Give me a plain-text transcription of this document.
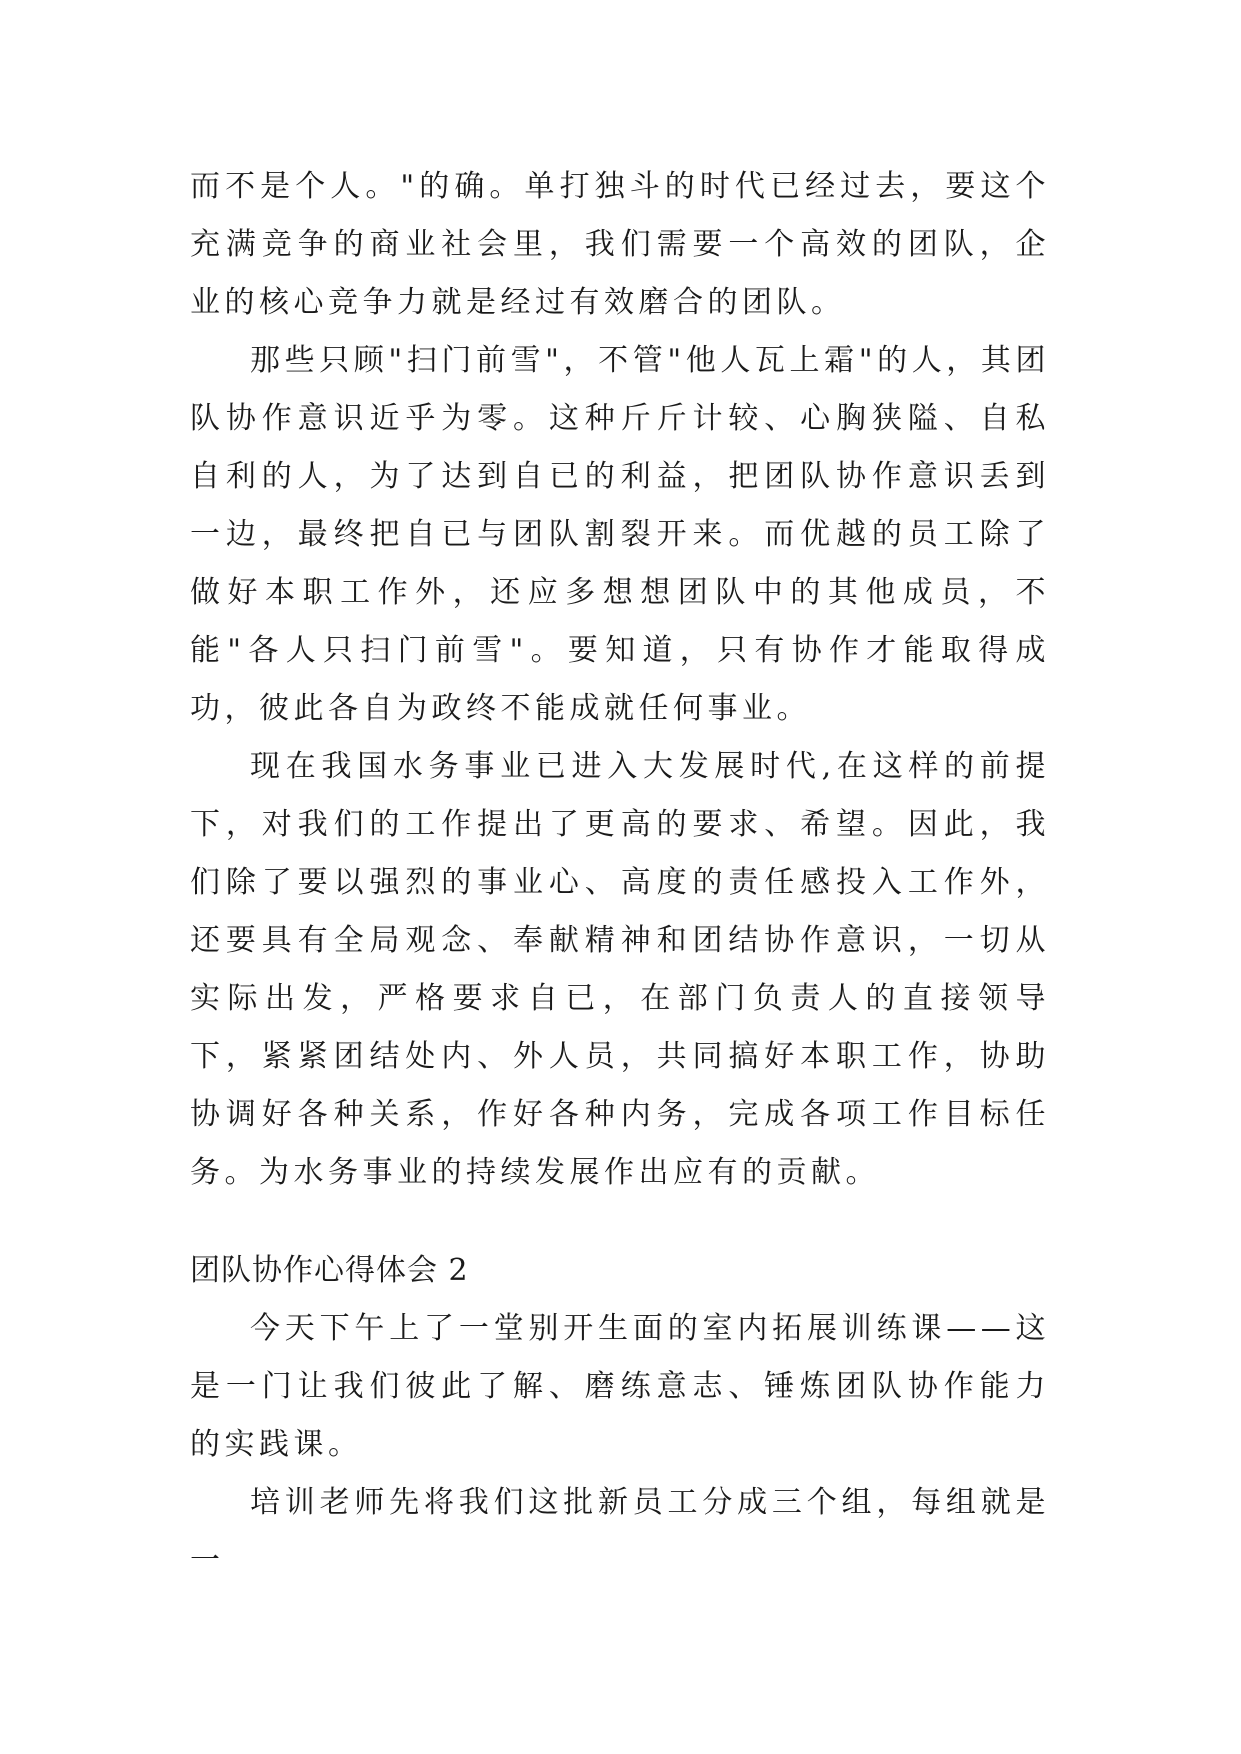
而不是个人。"的确。单打独斗的时代已经过去，要这个充满竞争的商业社会里，我们需要一个高效的团队，企业的核心竞争力就是经过有效磨合的团队。

那些只顾"扫门前雪"，不管"他人瓦上霜"的人，其团队协作意识近乎为零。这种斤斤计较、心胸狭隘、自私自利的人，为了达到自已的利益，把团队协作意识丢到一边，最终把自已与团队割裂开来。而优越的员工除了做好本职工作外，还应多想想团队中的其他成员，不能"各人只扫门前雪"。要知道，只有协作才能取得成功，彼此各自为政终不能成就任何事业。

现在我国水务事业已进入大发展时代,在这样的前提下，对我们的工作提出了更高的要求、希望。因此，我们除了要以强烈的事业心、高度的责任感投入工作外，还要具有全局观念、奉献精神和团结协作意识，一切从实际出发，严格要求自已，在部门负责人的直接领导下，紧紧团结处内、外人员，共同搞好本职工作，协助协调好各种关系，作好各种内务，完成各项工作目标任务。为水务事业的持续发展作出应有的贡献。

团队协作心得体会 2

今天下午上了一堂别开生面的室内拓展训练课——这是一门让我们彼此了解、磨练意志、锤炼团队协作能力的实践课。

培训老师先将我们这批新员工分成三个组，每组就是一
